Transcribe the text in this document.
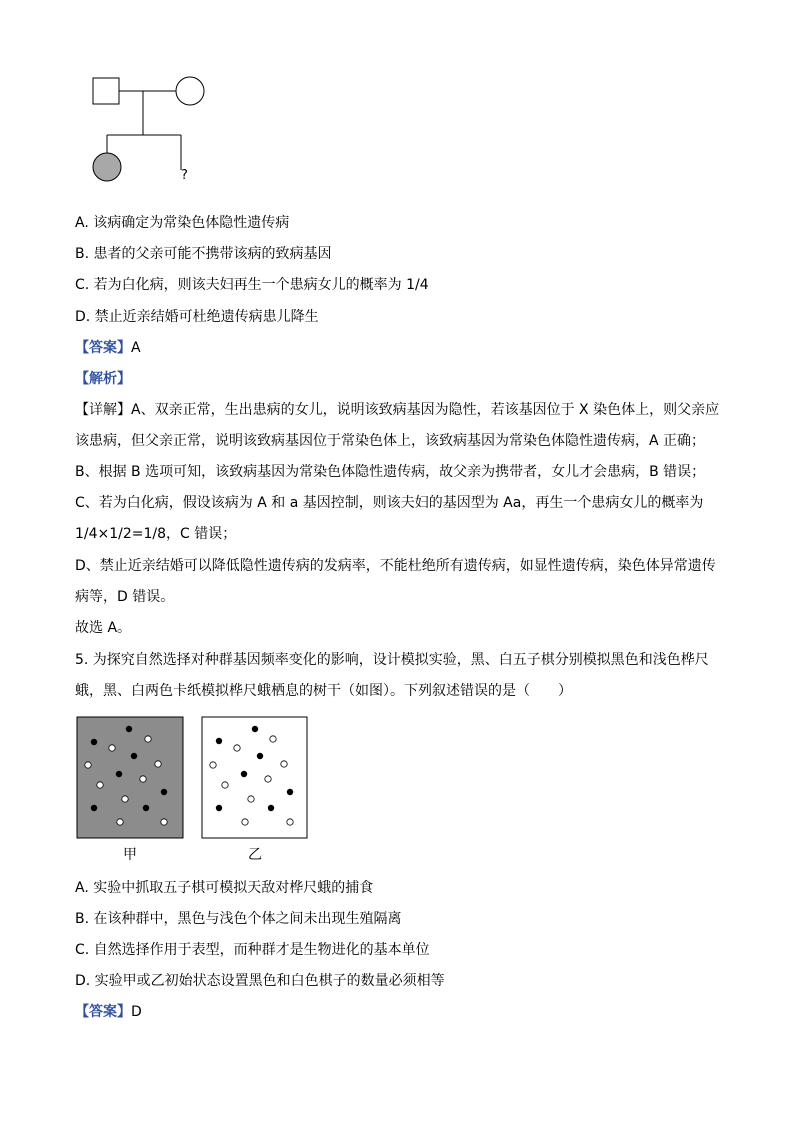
?
A. 该病确定为常染色体隐性遗传病
B. 患者的父亲可能不携带该病的致病基因
C. 若为白化病，则该夫妇再生一个患病女儿的概率为 1/4
D. 禁止近亲结婚可杜绝遗传病患儿降生
【答案】A
【解析】
【详解】A、双亲正常，生出患病的女儿，说明该致病基因为隐性，若该基因位于 X 染色体上，则父亲应
该患病，但父亲正常，说明该致病基因位于常染色体上，该致病基因为常染色体隐性遗传病，A 正确；
B、根据 B 选项可知，该致病基因为常染色体隐性遗传病，故父亲为携带者，女儿才会患病，B 错误；
C、若为白化病，假设该病为 A 和 a 基因控制，则该夫妇的基因型为 Aa，再生一个患病女儿的概率为
1/4×1/2=1/8，C 错误；
D、禁止近亲结婚可以降低隐性遗传病的发病率，不能杜绝所有遗传病，如显性遗传病，染色体异常遗传
病等，D 错误。
故选 A。
5. 为探究自然选择对种群基因频率变化的影响，设计模拟实验，黑、白五子棋分别模拟黑色和浅色桦尺
蛾，黑、白两色卡纸模拟桦尺蛾栖息的树干（如图）。下列叙述错误的是（　　）
甲	乙
A. 实验中抓取五子棋可模拟天敌对桦尺蛾的捕食
B. 在该种群中，黑色与浅色个体之间未出现生殖隔离
C. 自然选择作用于表型，而种群才是生物进化的基本单位
D. 实验甲或乙初始状态设置黑色和白色棋子的数量必须相等
【答案】D
